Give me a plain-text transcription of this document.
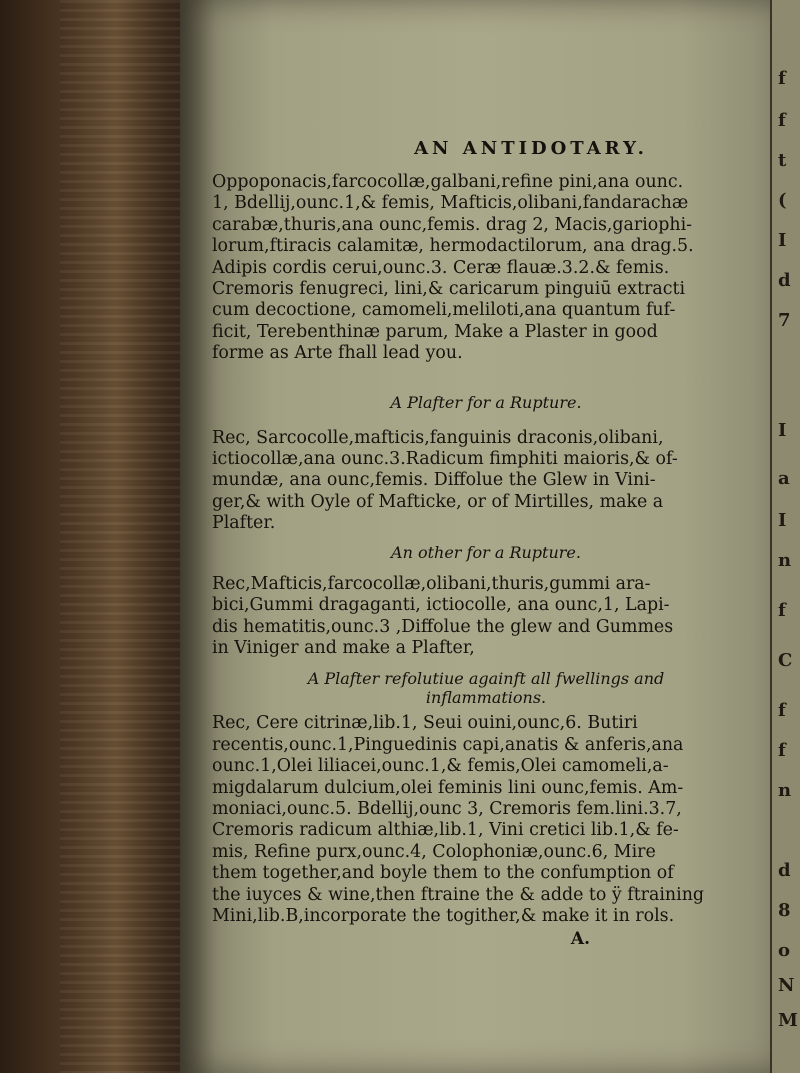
f
f
t
(
I
d
7
I
a
I
n
f
C
f
f
n
d
8
o
N
M
AN ANTIDOTARY.

Oppoponacis,farcocollæ,galbani,refine pini,ana ounc.
1, Bdellij,ounc.1,& femis, Mafticis,olibani,fandarachæ
carabæ,thuris,ana ounc,femis. drag 2, Macis,gariophi-
lorum,ftiracis calamitæ, hermodactilorum, ana drag.5.
Adipis cordis cerui,ounc.3. Ceræ flauæ.3.2.& femis.
Cremoris fenugreci, lini,& caricarum pinguiū extracti
cum decoctione, camomeli,meliloti,ana quantum fuf-
ficit, Terebenthinæ parum, Make a Plaster in good
forme as Arte fhall lead you.

A Plafter for a Rupture.

Rec, Sarcocolle,mafticis,fanguinis draconis,olibani,
ictiocollæ,ana ounc.3.Radicum fimphiti maioris,& of-
mundæ, ana ounc,femis. Diffolue the Glew in Vini-
ger,& with Oyle of Mafticke, or of Mirtilles, make a
Plafter.

An other for a Rupture.

Rec,Mafticis,farcocollæ,olibani,thuris,gummi ara-
bici,Gummi dragaganti, ictiocolle, ana ounc,1, Lapi-
dis hematitis,ounc.3 ,Diffolue the glew and Gummes
in Viniger and make a Plafter,

A Plafter refolutiue againft all fwellings and
inflammations.

Rec, Cere citrinæ,lib.1, Seui ouini,ounc,6. Butiri
recentis,ounc.1,Pinguedinis capi,anatis & anferis,ana
ounc.1,Olei liliacei,ounc.1,& femis,Olei camomeli,a-
migdalarum dulcium,olei feminis lini ounc,femis. Am-
moniaci,ounc.5. Bdellij,ounc 3, Cremoris fem.lini.3.7,
Cremoris radicum althiæ,lib.1, Vini cretici lib.1,& fe-
mis, Refine purx,ounc.4, Colophoniæ,ounc.6, Mire
them together,and boyle them to the confumption of
the iuyces & wine,then ftraine the & adde to ÿ ftraining
Mini,lib.B,incorporate the togither,& make it in rols.

A.
